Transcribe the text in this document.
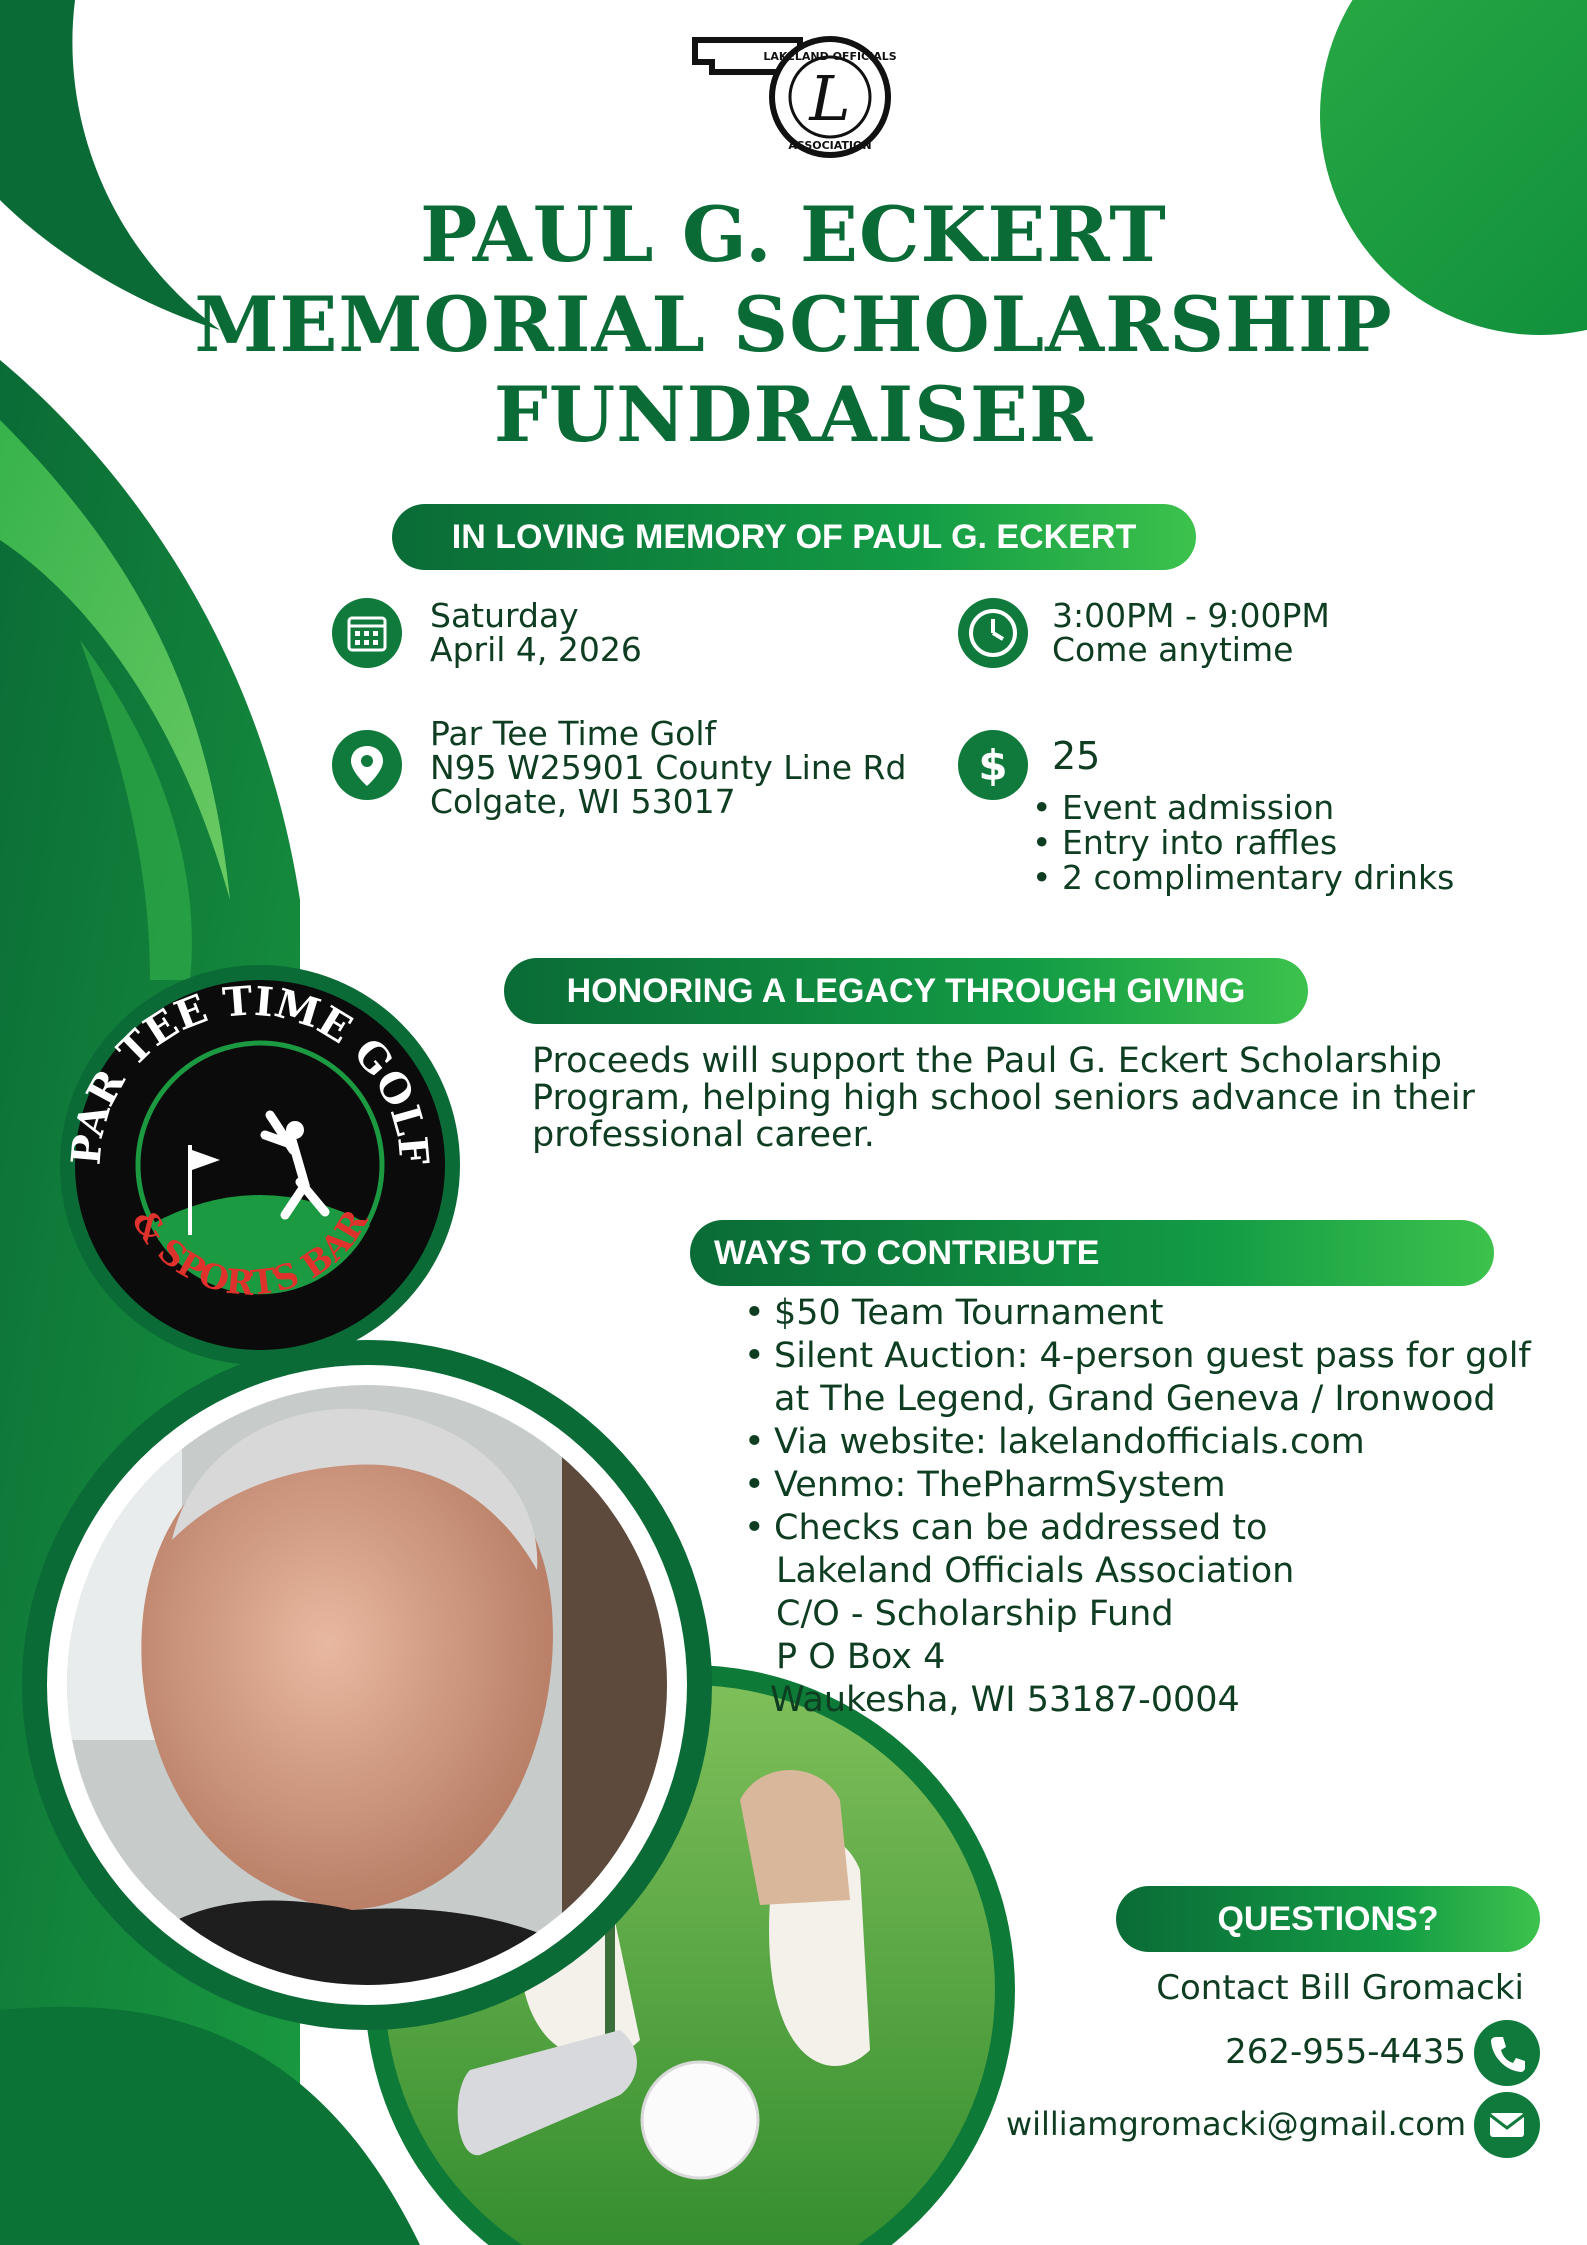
L
LAKELAND OFFICIALS
ASSOCIATION
PAUL G. ECKERT
MEMORIAL SCHOLARSHIP
FUNDRAISER
IN LOVING MEMORY OF PAUL G. ECKERT
Saturday
April 4, 2026
3:00PM - 9:00PM
Come anytime
Par Tee Time Golf
N95 W25901 County Line Rd
Colgate, WI 53017
$ 25
• Event admission
• Entry into raffles
• 2 complimentary drinks
HONORING A LEGACY THROUGH GIVING
Proceeds will support the Paul G. Eckert Scholarship
Program, helping high school seniors advance in their
professional career.
PAR TEE TIME GOLF
& SPORTS BAR
WAYS TO CONTRIBUTE
• $50 Team Tournament
• Silent Auction: 4-person guest pass for golf
at The Legend, Grand Geneva / Ironwood
• Via website: lakelandofficials.com
• Venmo: ThePharmSystem
• Checks can be addressed to
Lakeland Officials Association
C/O - Scholarship Fund
P O Box 4
Waukesha, WI 53187-0004
QUESTIONS?
Contact Bill Gromacki
262-955-4435
williamgromacki@gmail.com
